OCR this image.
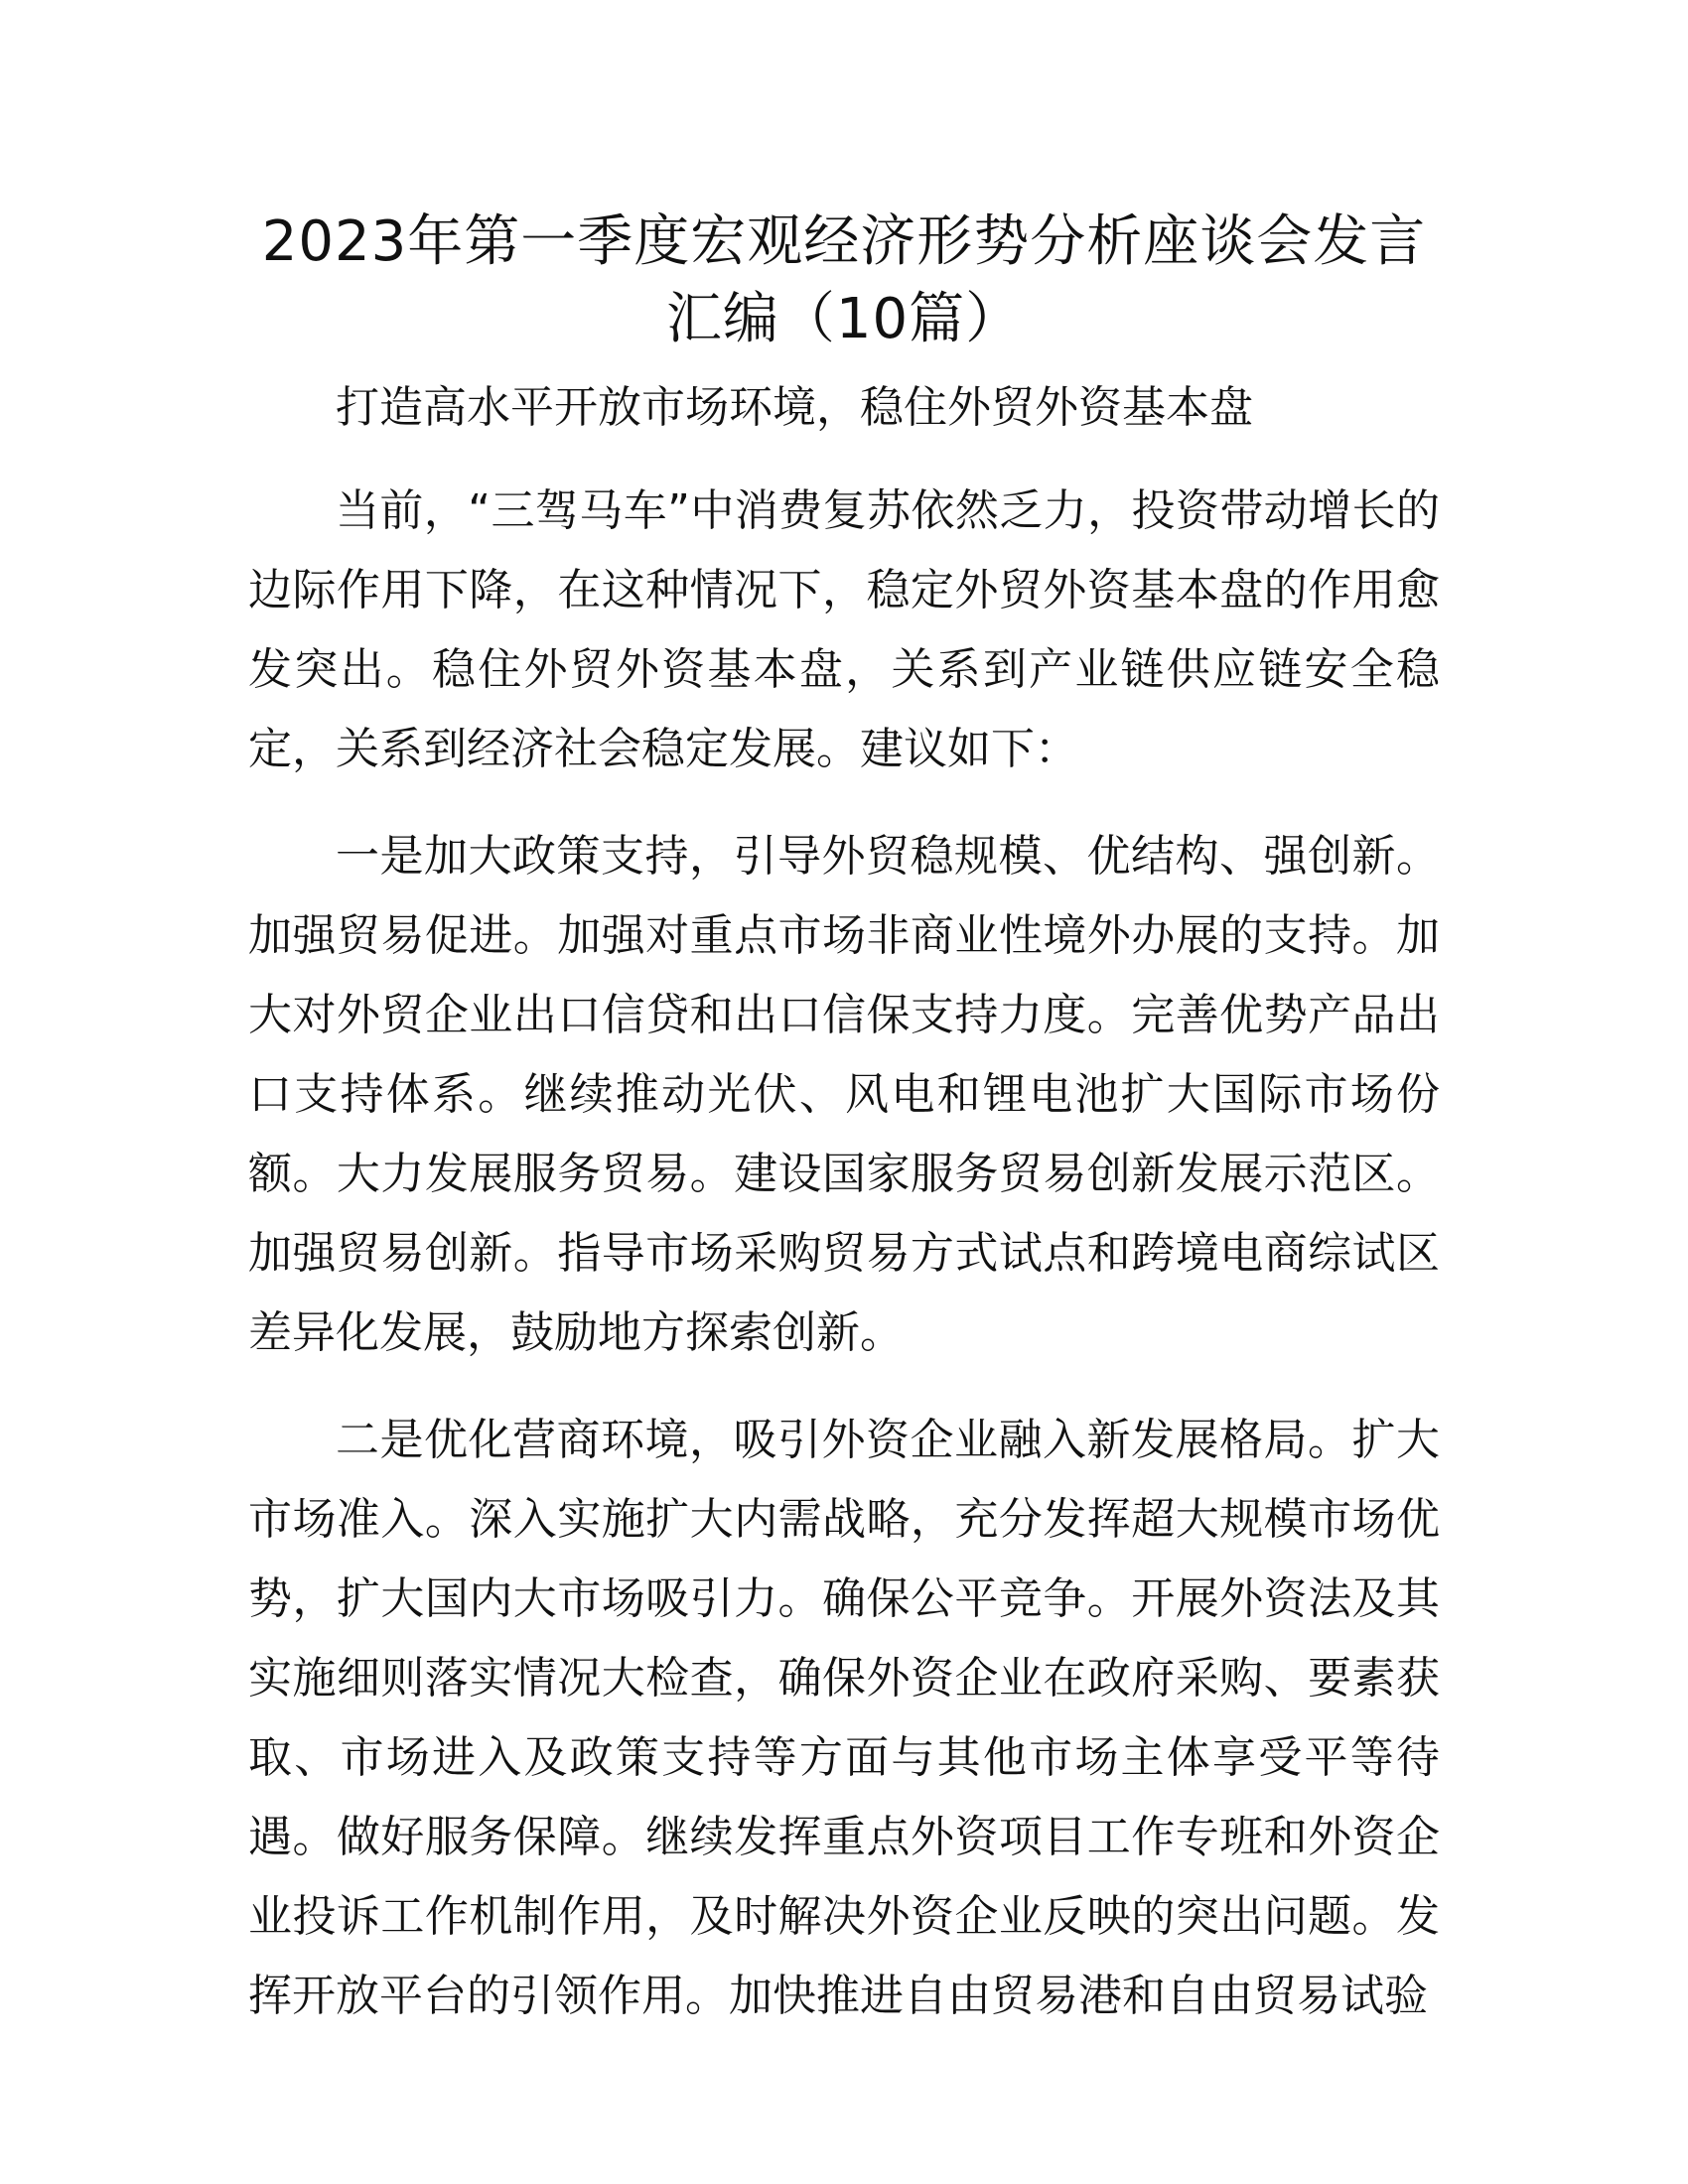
2023年第一季度宏观经济形势分析座谈会发言汇编（10篇）

打造高水平开放市场环境，稳住外贸外资基本盘

当前，“三驾马车”中消费复苏依然乏力，投资带动增长的边际作用下降，在这种情况下，稳定外贸外资基本盘的作用愈发突出。稳住外贸外资基本盘，关系到产业链供应链安全稳定，关系到经济社会稳定发展。建议如下：

一是加大政策支持，引导外贸稳规模、优结构、强创新。加强贸易促进。加强对重点市场非商业性境外办展的支持。加大对外贸企业出口信贷和出口信保支持力度。完善优势产品出口支持体系。继续推动光伏、风电和锂电池扩大国际市场份额。大力发展服务贸易。建设国家服务贸易创新发展示范区。加强贸易创新。指导市场采购贸易方式试点和跨境电商综试区差异化发展，鼓励地方探索创新。

二是优化营商环境，吸引外资企业融入新发展格局。扩大市场准入。深入实施扩大内需战略，充分发挥超大规模市场优势，扩大国内大市场吸引力。确保公平竞争。开展外资法及其实施细则落实情况大检查，确保外资企业在政府采购、要素获取、市场进入及政策支持等方面与其他市场主体享受平等待遇。做好服务保障。继续发挥重点外资项目工作专班和外资企业投诉工作机制作用，及时解决外资企业反映的突出问题。发挥开放平台的引领作用。加快推进自由贸易港和自由贸易试验
